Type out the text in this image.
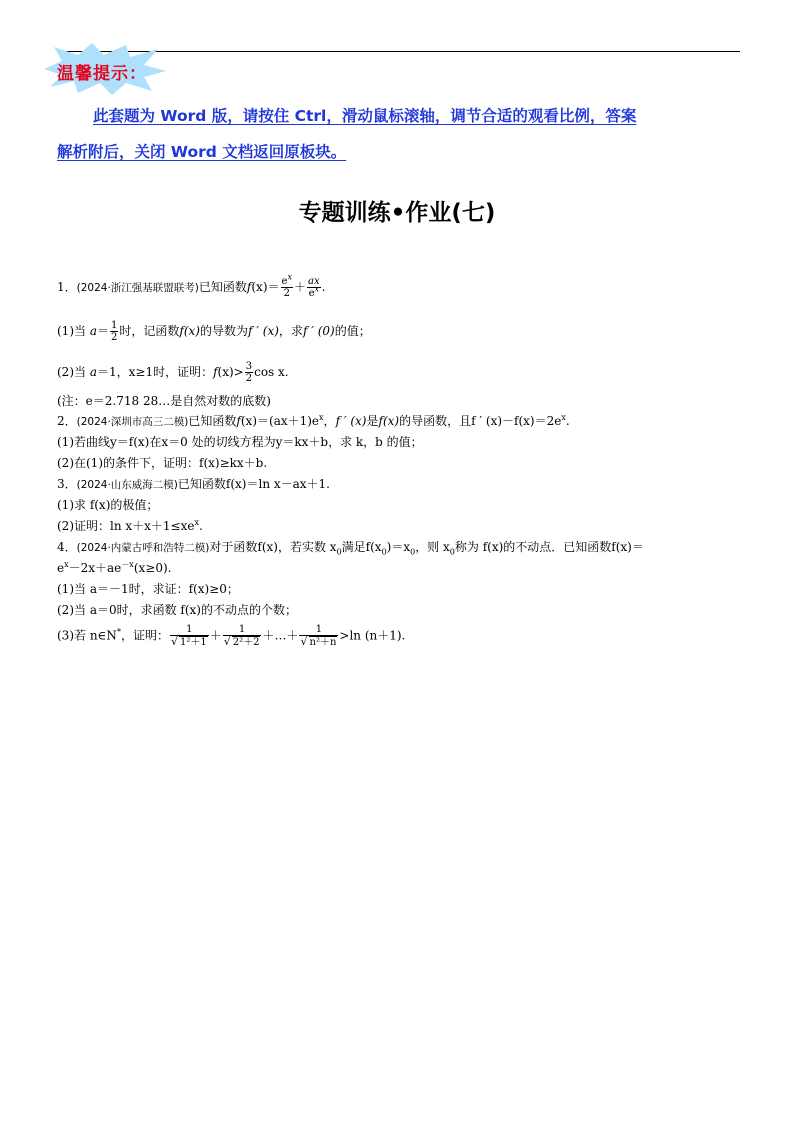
温馨提示：
此套题为 Word 版，请按住 Ctrl，滑动鼠标滚轴，调节合适的观看比例，答案
解析附后，关闭 Word 文档返回原板块。
专题训练•作业(七)
1．(2024·浙江强基联盟联考)已知函数$f(x)= \frac{e^x}{2} + \frac{ax}{e^x}$ .
(1)当 $a= \frac{1}{2}$ 时，记函数f(x)的导数为f ′ (x)，求f ′ (0)的值；
(2)当 a＝1，x≥1时，证明：$f(x)> \frac{3}{2}$ cos x.
(注：e＝2.718 28…是自然对数的底数)
2．(2024·深圳市高三二模)已知函数$f(x)=(ax+1)e^x$，f ′ (x)是f(x)的导函数，且f ′ $(x)-f(x)=2e^x$.
(1)若曲线y＝f(x)在x＝0 处的切线方程为y＝kx＋b，求 k，b 的值；
(2)在(1)的条件下，证明：f(x)≥kx＋b.
3．(2024·山东威海二模)已知函数f(x)＝ln x－ax＋1.
(1)求 f(x)的极值；
(2)证明：$\ln x+x+1\le xe^x$.
4．(2024·内蒙古呼和浩特二模)对于函数f(x)，若实数 $x_0$满足$f(x_0)=x_0$，则 $x_0$称为 f(x)的不动点．已知函数f(x)＝
$e^x-2x+ae^{-x}(x\ge 0)$.
(1)当 a＝－1时，求证：f(x)≥0；
(2)当 a＝0时，求函数 f(x)的不动点的个数；
(3)若 n∈N*，证明： $\frac{1}{\text{√ 1²＋1}} + \frac{1}{\text{√ 2²＋2}}$ ＋…＋ $\frac{1}{\text{√ n²＋n}} >\ln$ (n＋1).
